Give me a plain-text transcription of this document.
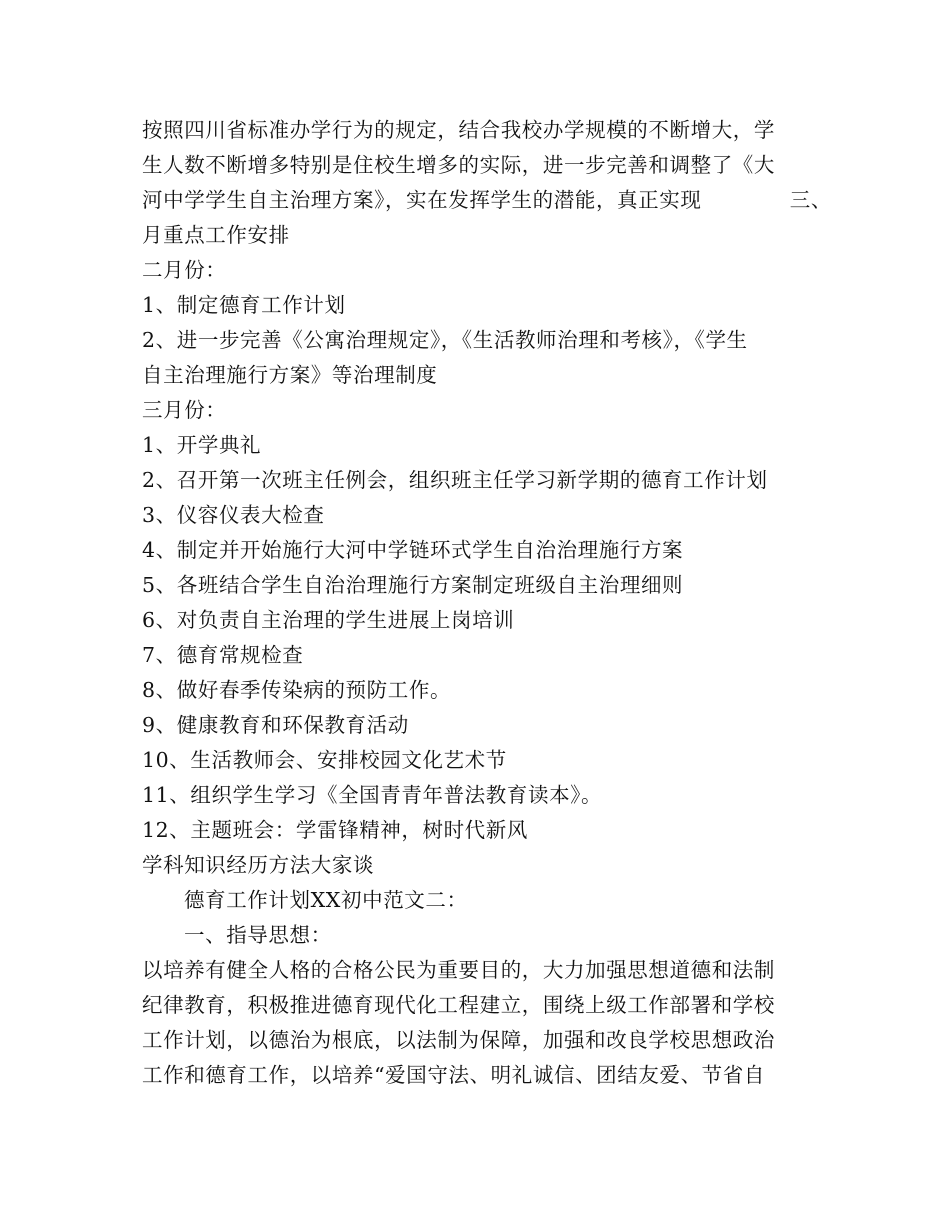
按照四川省标准办学行为的规定，结合我校办学规模的不断增大，学
生人数不断增多特别是住校生增多的实际，进一步完善和调整了《大
河中学学生自主治理方案》，实在发挥学生的潜能，真正实现	三、
月重点工作安排
二月份：
1、制定德育工作计划
2、进一步完善《公寓治理规定》，《生活教师治理和考核》，《学生
自主治理施行方案》等治理制度
三月份：
1、开学典礼
2、召开第一次班主任例会，组织班主任学习新学期的德育工作计划
3、仪容仪表大检查
4、制定并开始施行大河中学链环式学生自治治理施行方案
5、各班结合学生自治治理施行方案制定班级自主治理细则
6、对负责自主治理的学生进展上岗培训
7、德育常规检查
8、做好春季传染病的预防工作。
9、健康教育和环保教育活动
10、生活教师会、安排校园文化艺术节
11、组织学生学习《全国青青年普法教育读本》。
12、主题班会：学雷锋精神，树时代新风
学科知识经历方法大家谈
德育工作计划XX初中范文二：
一、指导思想：
以培养有健全人格的合格公民为重要目的，大力加强思想道德和法制
纪律教育，积极推进德育现代化工程建立，围绕上级工作部署和学校
工作计划，以德治为根底，以法制为保障，加强和改良学校思想政治
工作和德育工作，以培养“爱国守法、明礼诚信、团结友爱、节省自
